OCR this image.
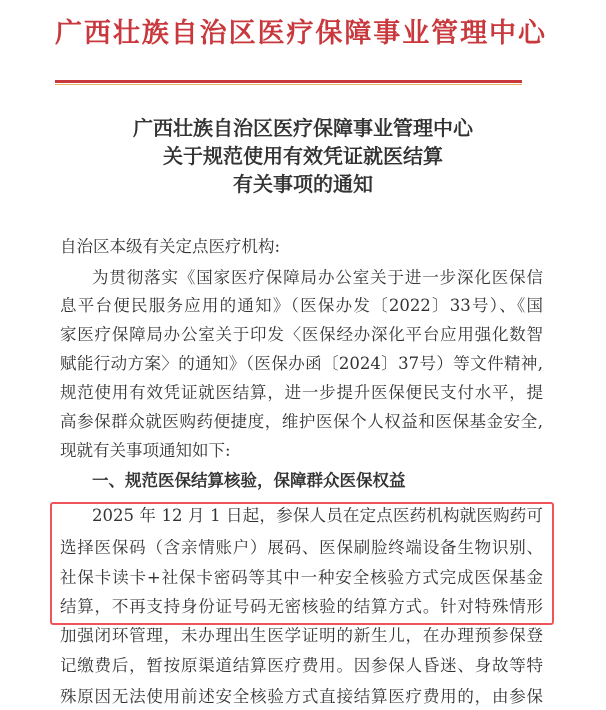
广西壮族自治区医疗保障事业管理中心
广西壮族自治区医疗保障事业管理中心
关于规范使用有效凭证就医结算
有关事项的通知
自治区本级有关定点医疗机构:
为贯彻落实《国家医疗保障局办公室关于进一步深化医保信
息平台便民服务应用的通知》（医保办发〔2022〕33号）、《国
家医疗保障局办公室关于印发〈医保经办深化平台应用强化数智
赋能行动方案〉的通知》（医保办函〔2024〕37号）等文件精神,
规范使用有效凭证就医结算，进一步提升医保便民支付水平，提
高参保群众就医购药便捷度，维护医保个人权益和医保基金安全,
现就有关事项通知如下:
一、规范医保结算核验，保障群众医保权益
2025 年 12 月 1 日起，参保人员在定点医药机构就医购药可
选择医保码（含亲情账户）展码、医保刷脸终端设备生物识别、
社保卡读卡+社保卡密码等其中一种安全核验方式完成医保基金
结算，不再支持身份证号码无密核验的结算方式。针对特殊情形
加强闭环管理，未办理出生医学证明的新生儿，在办理预参保登
记缴费后，暂按原渠道结算医疗费用。因参保人昏迷、身故等特
殊原因无法使用前述安全核验方式直接结算医疗费用的，由参保
